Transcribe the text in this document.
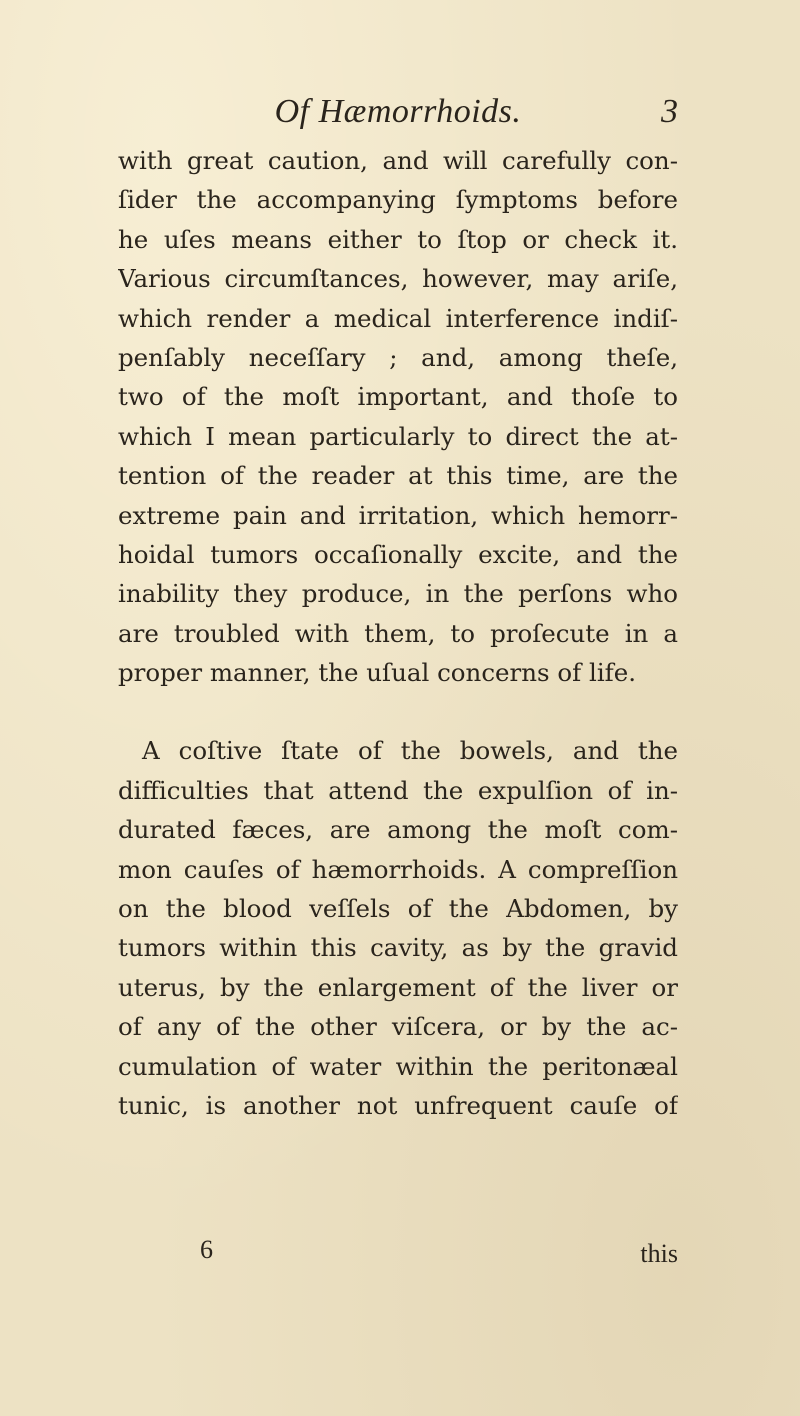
Of Hæmorrhoids.	3
with great caution, and will carefully con-
ſider the accompanying ſymptoms before
he uſes means either to ſtop or check it.
Various circumſtances, however, may ariſe,
which render a medical interference indiſ-
penſably neceſſary ; and, among theſe,
two of the moſt important, and thoſe to
which I mean particularly to direct the at-
tention of the reader at this time, are the
extreme pain and irritation, which hemorr-
hoidal tumors occaſionally excite, and the
inability they produce, in the perſons who
are troubled with them, to proſecute in a
proper manner, the uſual concerns of life.
A coſtive ſtate of the bowels, and the
difficulties that attend the expulſion of in-
durated fæces, are among the moſt com-
mon cauſes of hæmorrhoids. A compreſſion
on the blood veſſels of the Abdomen, by
tumors within this cavity, as by the gravid
uterus, by the enlargement of the liver or
of any of the other viſcera, or by the ac-
cumulation of water within the peritonæal
tunic, is another not unfrequent cauſe of
6	this
